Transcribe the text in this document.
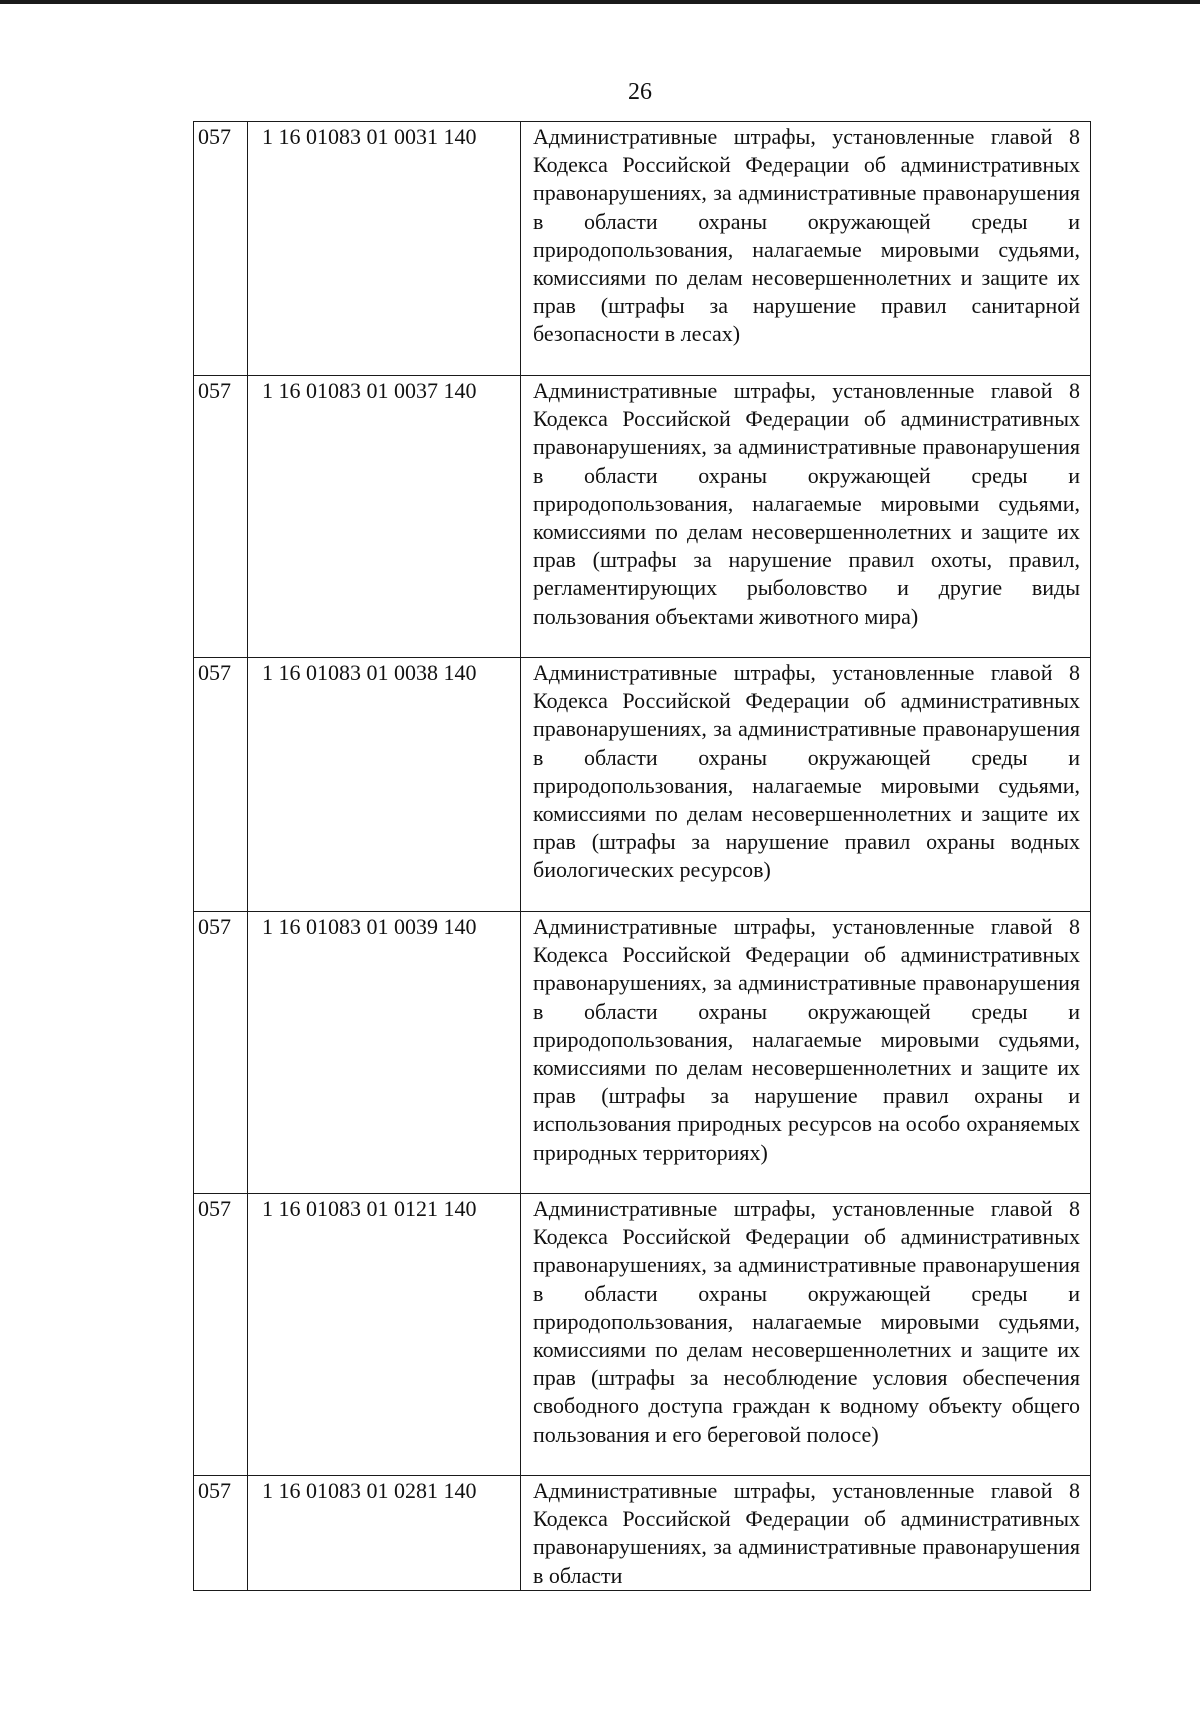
26
057	1 16 01083 01 0031 140	Административные штрафы, установленные главой 8 Кодекса Российской Федерации об административных правонарушениях, за административные правонарушения в области охраны окружающей среды и природопользования, налагаемые мировыми судьями, комиссиями по делам несовершеннолетних и защите их прав (штрафы за нарушение правил санитарной безопасности в лесах)
057	1 16 01083 01 0037 140	Административные штрафы, установленные главой 8 Кодекса Российской Федерации об административных правонарушениях, за административные правонарушения в области охраны окружающей среды и природопользования, налагаемые мировыми судьями, комиссиями по делам несовершеннолетних и защите их прав (штрафы за нарушение правил охоты, правил, регламентирующих рыболовство и другие виды пользования объектами животного мира)
057	1 16 01083 01 0038 140	Административные штрафы, установленные главой 8 Кодекса Российской Федерации об административных правонарушениях, за административные правонарушения в области охраны окружающей среды и природопользования, налагаемые мировыми судьями, комиссиями по делам несовершеннолетних и защите их прав (штрафы за нарушение правил охраны водных биологических ресурсов)
057	1 16 01083 01 0039 140	Административные штрафы, установленные главой 8 Кодекса Российской Федерации об административных правонарушениях, за административные правонарушения в области охраны окружающей среды и природопользования, налагаемые мировыми судьями, комиссиями по делам несовершеннолетних и защите их прав (штрафы за нарушение правил охраны и использования природных ресурсов на особо охраняемых природных территориях)
057	1 16 01083 01 0121 140	Административные штрафы, установленные главой 8 Кодекса Российской Федерации об административных правонарушениях, за административные правонарушения в области охраны окружающей среды и природопользования, налагаемые мировыми судьями, комиссиями по делам несовершеннолетних и защите их прав (штрафы за несоблюдение условия обеспечения свободного доступа граждан к водному объекту общего пользования и его береговой полосе)
057	1 16 01083 01 0281 140	Административные штрафы, установленные главой 8 Кодекса Российской Федерации об административных правонарушениях, за административные правонарушения в области
